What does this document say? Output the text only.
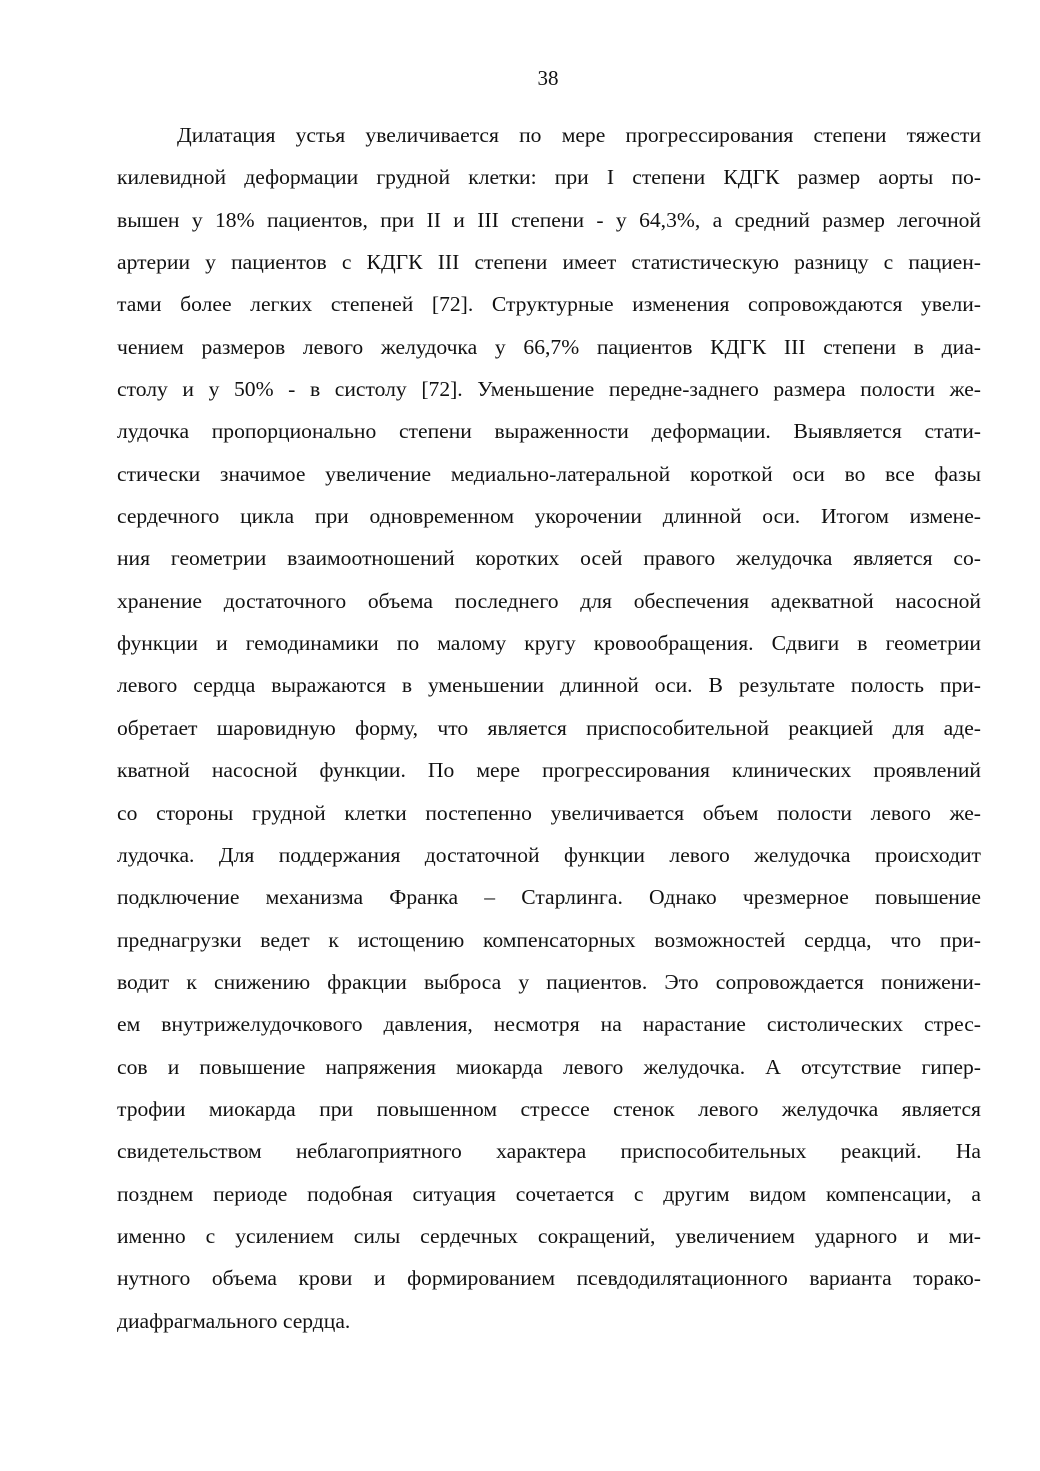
38
Дилатация устья увеличивается по мере прогрессирования степени тяжести
килевидной деформации грудной клетки: при I степени КДГК размер аорты по-
вышен у 18% пациентов, при II и III степени - у 64,3%, а средний размер легочной
артерии у пациентов с КДГК III степени имеет статистическую разницу с пациен-
тами более легких степеней [72]. Структурные изменения сопровождаются увели-
чением размеров левого желудочка у 66,7% пациентов КДГК III степени в диа-
столу и у 50% - в систолу [72]. Уменьшение передне-заднего размера полости же-
лудочка пропорционально степени выраженности деформации. Выявляется стати-
стически значимое увеличение медиально-латеральной короткой оси во все фазы
сердечного цикла при одновременном укорочении длинной оси. Итогом измене-
ния геометрии взаимоотношений коротких осей правого желудочка является со-
хранение достаточного объема последнего для обеспечения адекватной насосной
функции и гемодинамики по малому кругу кровообращения. Сдвиги в геометрии
левого сердца выражаются в уменьшении длинной оси. В результате полость при-
обретает шаровидную форму, что является приспособительной реакцией для аде-
кватной насосной функции. По мере прогрессирования клинических проявлений
со стороны грудной клетки постепенно увеличивается объем полости левого же-
лудочка. Для поддержания достаточной функции левого желудочка происходит
подключение механизма Франка – Старлинга. Однако чрезмерное повышение
преднагрузки ведет к истощению компенсаторных возможностей сердца, что при-
водит к снижению фракции выброса у пациентов. Это сопровождается понижени-
ем внутрижелудочкового давления, несмотря на нарастание систолических стрес-
сов и повышение напряжения миокарда левого желудочка. А отсутствие гипер-
трофии миокарда при повышенном стрессе стенок левого желудочка является
свидетельством неблагоприятного характера приспособительных реакций. На
позднем периоде подобная ситуация сочетается с другим видом компенсации, а
именно с усилением силы сердечных сокращений, увеличением ударного и ми-
нутного объема крови и формированием псевдодилятационного варианта торако-
диафрагмального сердца.
